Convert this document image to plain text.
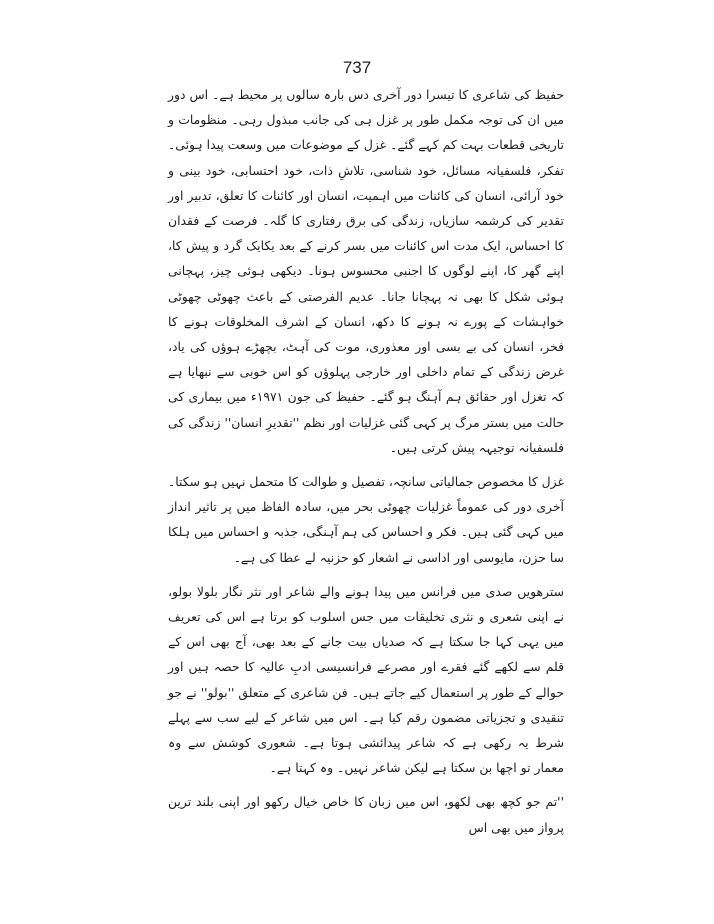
737

حفیظ کی شاعری کا تیسرا دور آخری دس بارہ سالوں پر محیط ہے۔ اس دور میں ان کی توجہ مکمل طور پر غزل ہی کی جانب مبذول رہی۔ منظومات و تاریخی قطعات بہت کم کہے گئے۔ غزل کے موضوعات میں وسعت پیدا ہوئی۔ تفکر، فلسفیانہ مسائل، خود شناسی، تلاشِ ذات، خود احتسابی، خود بینی و خود آرائی، انسان کی کائنات میں اہمیت، انسان اور کائنات کا تعلق، تدبیر اور تقدیر کی کرشمہ سازیاں، زندگی کی برق رفتاری کا گلہ۔ فرصت کے فقدان کا احساس، ایک مدت اس کائنات میں بسر کرنے کے بعد یکایک گرد و پیش کا، اپنے گھر کا، اپنے لوگوں کا اجنبی محسوس ہونا۔ دیکھی ہوئی چیز، پہچانی ہوئی شکل کا بھی نہ پہچانا جانا۔ عدیم الفرصتی کے باعث چھوٹی چھوٹی خواہشات کے پورے نہ ہونے کا دکھ، انسان کے اشرف المخلوقات ہونے کا فخر، انسان کی بے بسی اور معذوری، موت کی آہٹ، بچھڑے ہوؤں کی یاد، غرض زندگی کے تمام داخلی اور خارجی پہلوؤں کو اس خوبی سے نبھایا ہے کہ تغزل اور حقائق ہم آہنگ ہو گئے۔ حفیظ کی جون ۱۹۷۱ء میں بیماری کی حالت میں بستر مرگ پر کہی گئی غزلیات اور نظم ''تقدیرِ انسان'' زندگی کی فلسفیانہ توجیہہ پیش کرتی ہیں۔

غزل کا مخصوص جمالیاتی سانچہ، تفصیل و طوالت کا متحمل نہیں ہو سکتا۔ آخری دور کی عموماً غزلیات چھوٹی بحر میں، سادہ الفاظ میں پر تاثیر انداز میں کہی گئی ہیں۔ فکر و احساس کی ہم آہنگی، جذبہ و احساس میں ہلکا سا حزن، مایوسی اور اداسی نے اشعار کو حزنیہ لے عطا کی ہے۔

سترھویں صدی میں فرانس میں پیدا ہونے والے شاعر اور نثر نگار بلولا بولو، نے اپنی شعری و نثری تخلیقات میں جس اسلوب کو برتا ہے اس کی تعریف میں یہی کہا جا سکتا ہے کہ صدیاں بیت جانے کے بعد بھی، آج بھی اس کے قلم سے لکھے گئے فقرے اور مصرعے فرانسیسی ادبِ عالیہ کا حصہ ہیں اور حوالے کے طور پر استعمال کیے جاتے ہیں۔ فن شاعری کے متعلق ''بولو'' نے جو تنقیدی و تجزیاتی مضمون رقم کیا ہے۔ اس میں شاعر کے لیے سب سے پہلے شرط یہ رکھی ہے کہ شاعر پیدائشی ہوتا ہے۔ شعوری کوشش سے وہ معمار تو اچھا بن سکتا ہے لیکن شاعر نہیں۔ وہ کہتا ہے۔

''تم جو کچھ بھی لکھو، اس میں زبان کا خاص خیال رکھو اور اپنی بلند ترین پرواز میں بھی اس
